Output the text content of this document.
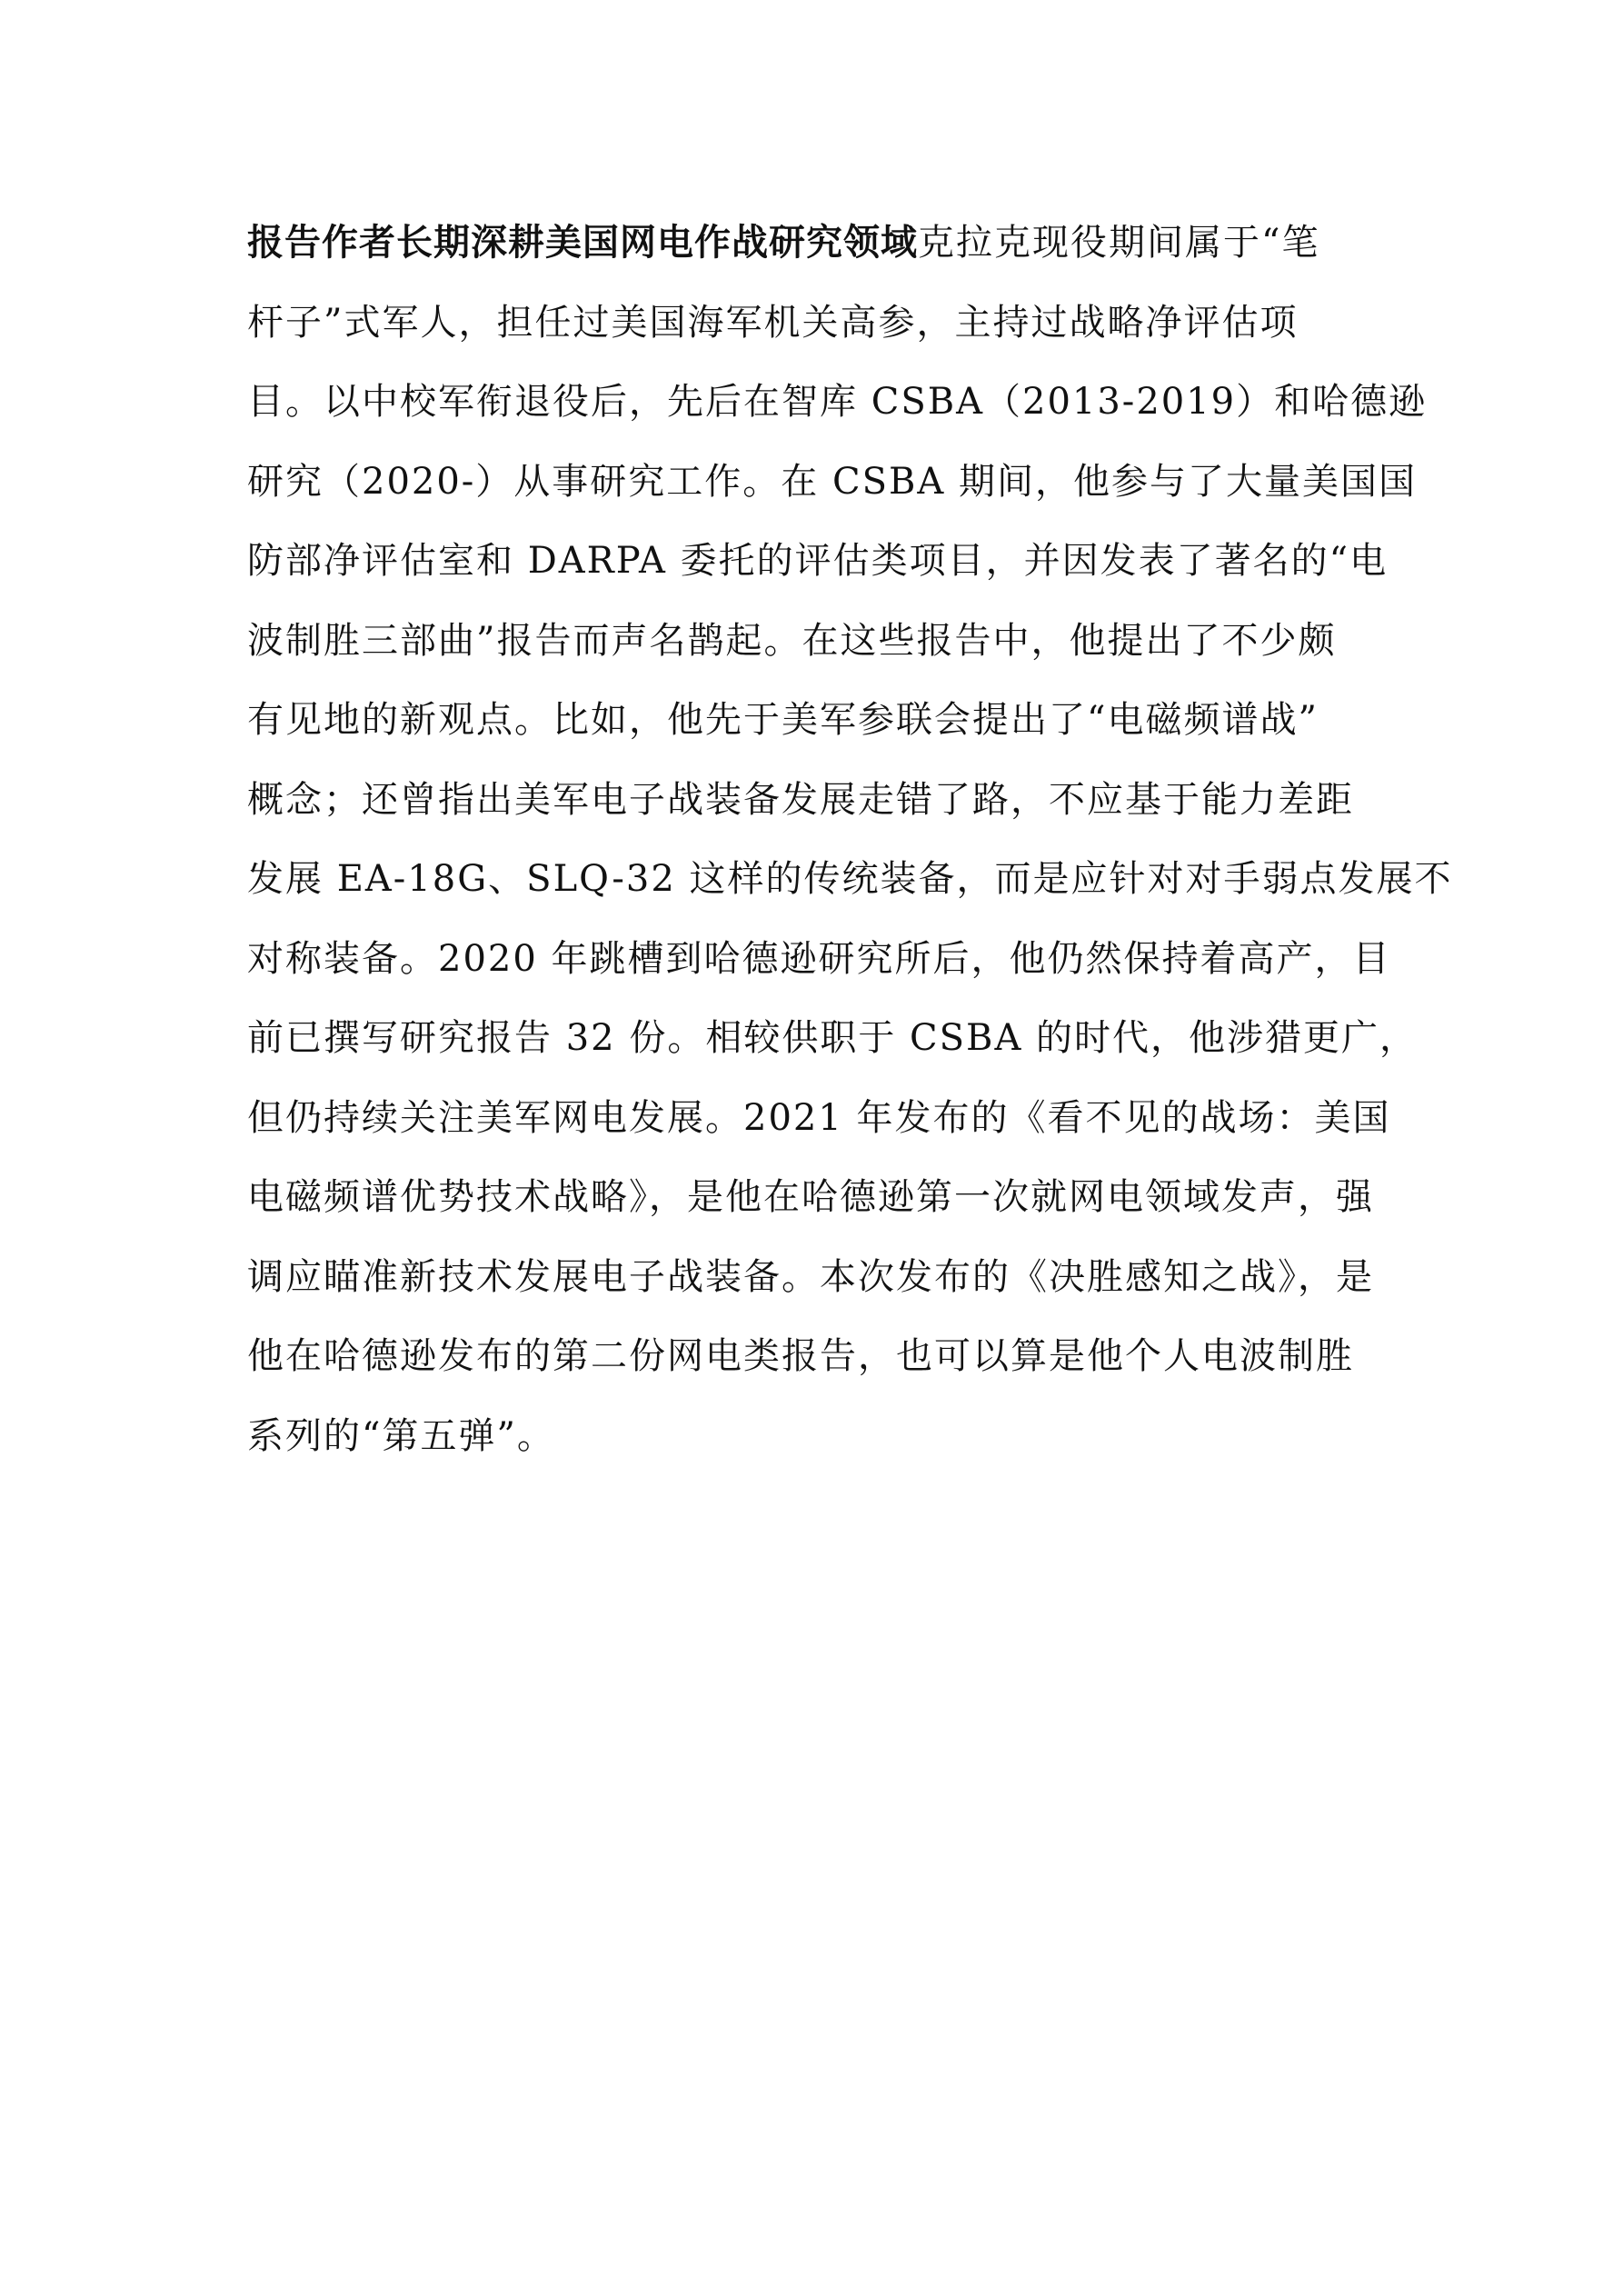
报告作者长期深耕美国网电作战研究领域克拉克现役期间属于“笔
杆子”式军人，担任过美国海军机关高参，主持过战略净评估项
目。以中校军衔退役后，先后在智库 CSBA（2013-2019）和哈德逊
研究（2020-）从事研究工作。在 CSBA 期间，他参与了大量美国国
防部净评估室和 DARPA 委托的评估类项目，并因发表了著名的“电
波制胜三部曲”报告而声名鹊起。在这些报告中，他提出了不少颇
有见地的新观点。比如，他先于美军参联会提出了“电磁频谱战”
概念；还曾指出美军电子战装备发展走错了路，不应基于能力差距
发展 EA-18G、SLQ-32 这样的传统装备，而是应针对对手弱点发展不
对称装备。2020 年跳槽到哈德逊研究所后，他仍然保持着高产，目
前已撰写研究报告 32 份。相较供职于 CSBA 的时代，他涉猎更广，
但仍持续关注美军网电发展。2021 年发布的《看不见的战场：美国
电磁频谱优势技术战略》，是他在哈德逊第一次就网电领域发声，强
调应瞄准新技术发展电子战装备。本次发布的《决胜感知之战》，是
他在哈德逊发布的第二份网电类报告，也可以算是他个人电波制胜
系列的“第五弹”。
